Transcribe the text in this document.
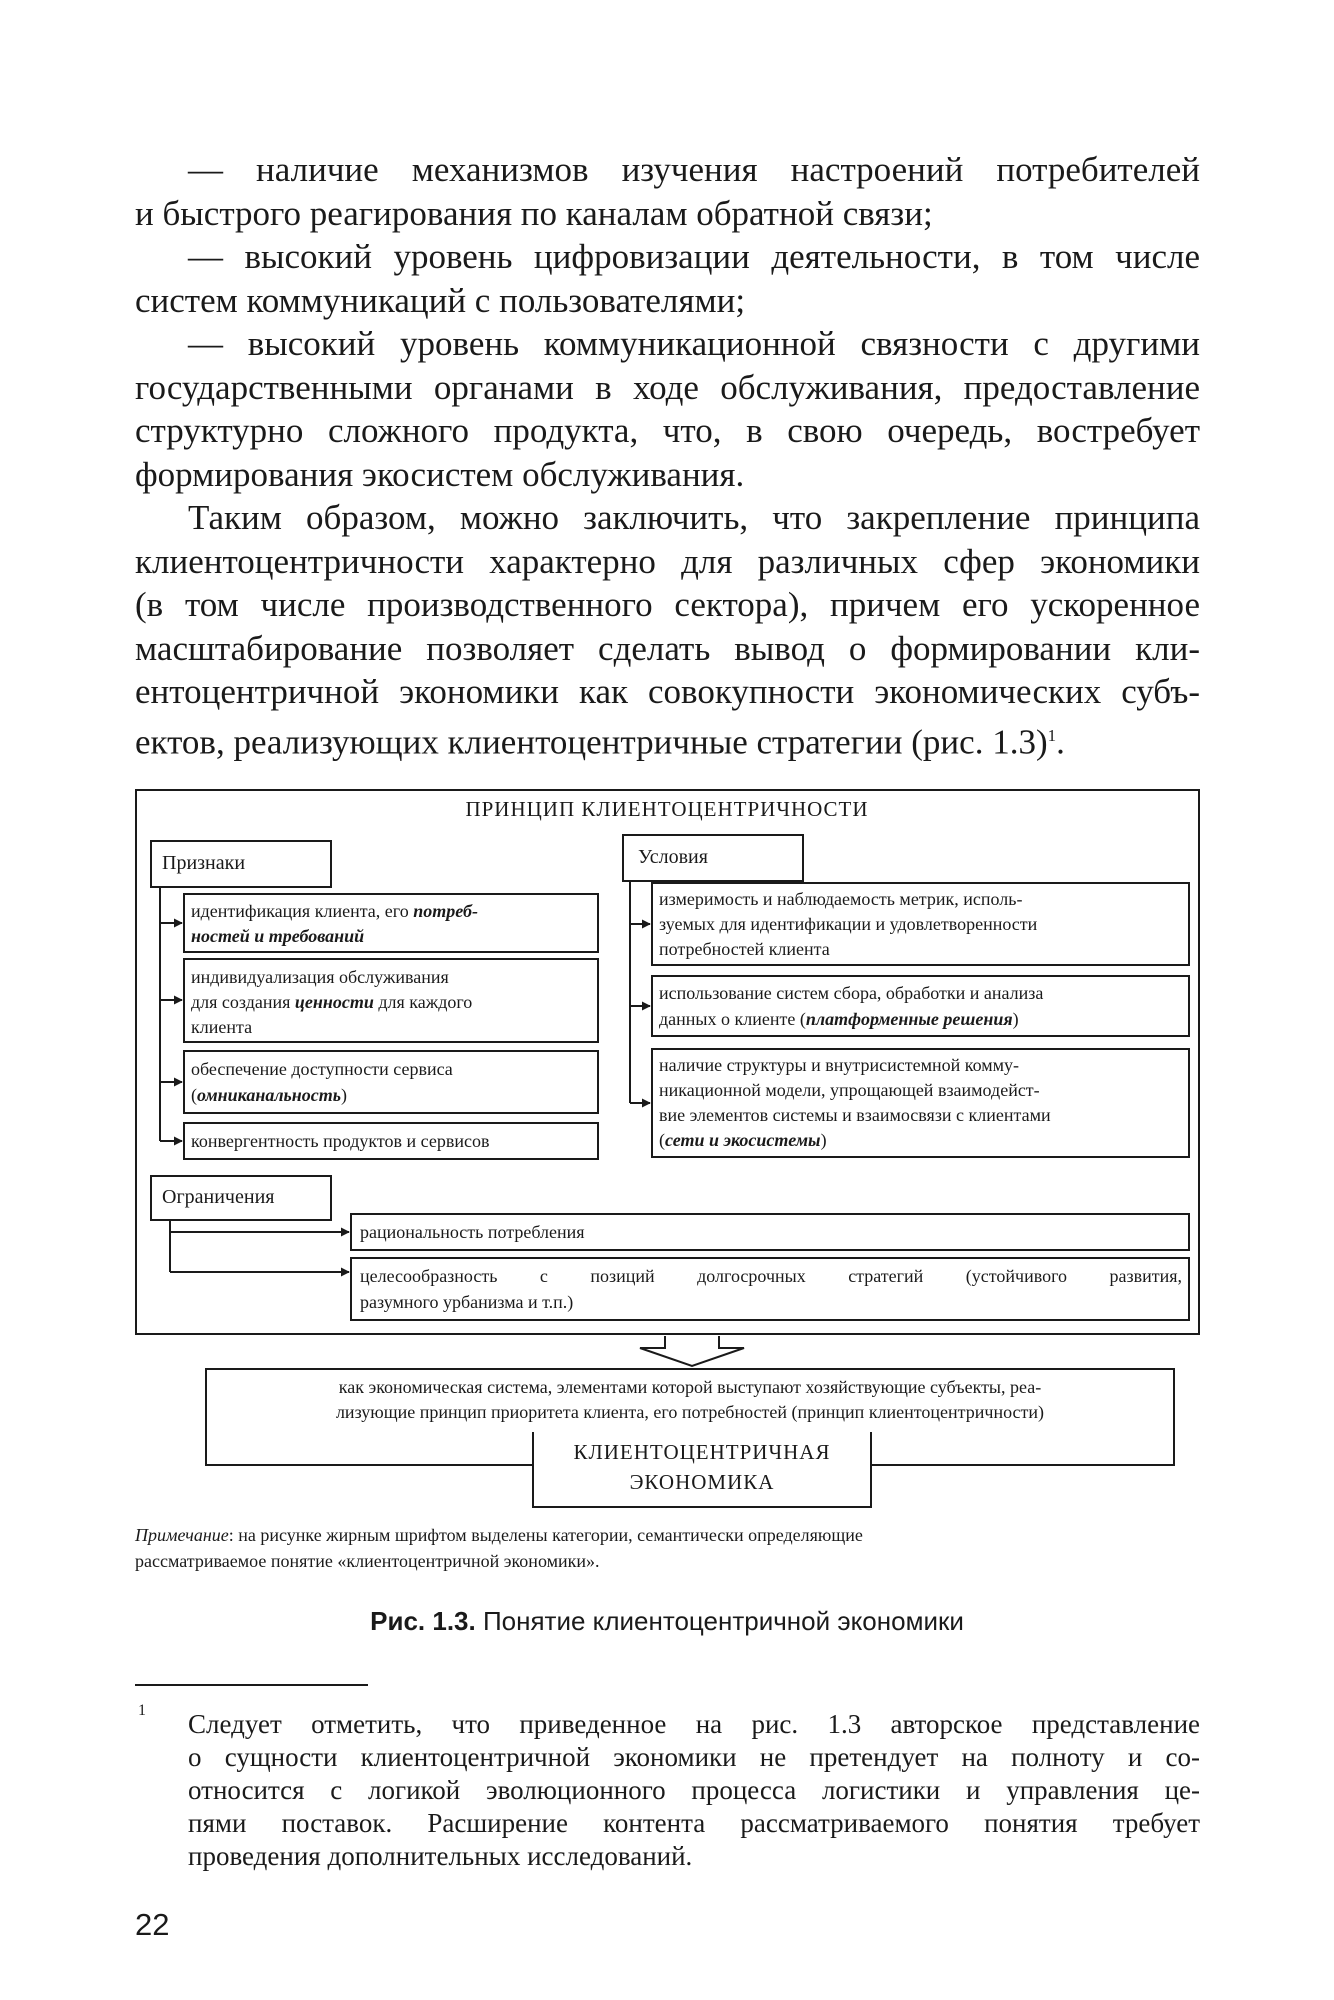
— наличие механизмов изучения настроений потребителей
и быстрого реагирования по каналам обратной связи;
— высокий уровень цифровизации деятельности, в том числе
систем коммуникаций с пользователями;
— высокий уровень коммуникационной связности с другими
государственными органами в ходе обслуживания, предоставление
структурно сложного продукта, что, в свою очередь, востребует
формирования экосистем обслуживания.
Таким образом, можно заключить, что закрепление принципа
клиентоцентричности характерно для различных сфер экономики
(в том числе производственного сектора), причем его ускоренное
масштабирование позволяет сделать вывод о формировании кли-
ентоцентричной экономики как совокупности экономических субъ-
ектов, реализующих клиентоцентричные стратегии (рис. 1.3)$^1$.
ПРИНЦИП КЛИЕНТОЦЕНТРИЧНОСТИ
Признаки	Условия
идентификация клиента, его потреб-
ностей и требований
индивидуализация обслуживания
для создания ценности для каждого
клиента
обеспечение доступности сервиса
(омниканальность)
конвергентность продуктов и сервисов
измеримость и наблюдаемость метрик, исполь-
зуемых для идентификации и удовлетворенности
потребностей клиента
использование систем сбора, обработки и анализа
данных о клиенте (платформенные решения)
наличие структуры и внутрисистемной комму-
никационной модели, упрощающей взаимодейст-
вие элементов системы и взаимосвязи с клиентами
(сети и экосистемы)
Ограничения
рациональность потребления
целесообразность с позиций долгосрочных стратегий (устойчивого развития,
разумного урбанизма и т.п.)
как экономическая система, элементами которой выступают хозяйствующие субъекты, реа-
лизующие принцип приоритета клиента, его потребностей (принцип клиентоцентричности)
КЛИЕНТОЦЕНТРИЧНАЯ
ЭКОНОМИКА
Примечание: на рисунке жирным шрифтом выделены категории, семантически определяющие
рассматриваемое понятие «клиентоцентричной экономики».
Рис. 1.3. Понятие клиентоцентричной экономики
1 Следует отметить, что приведенное на рис. 1.3 авторское представление
о сущности клиентоцентричной экономики не претендует на полноту и со-
относится с логикой эволюционного процесса логистики и управления це-
пями поставок. Расширение контента рассматриваемого понятия требует
проведения дополнительных исследований.
22
